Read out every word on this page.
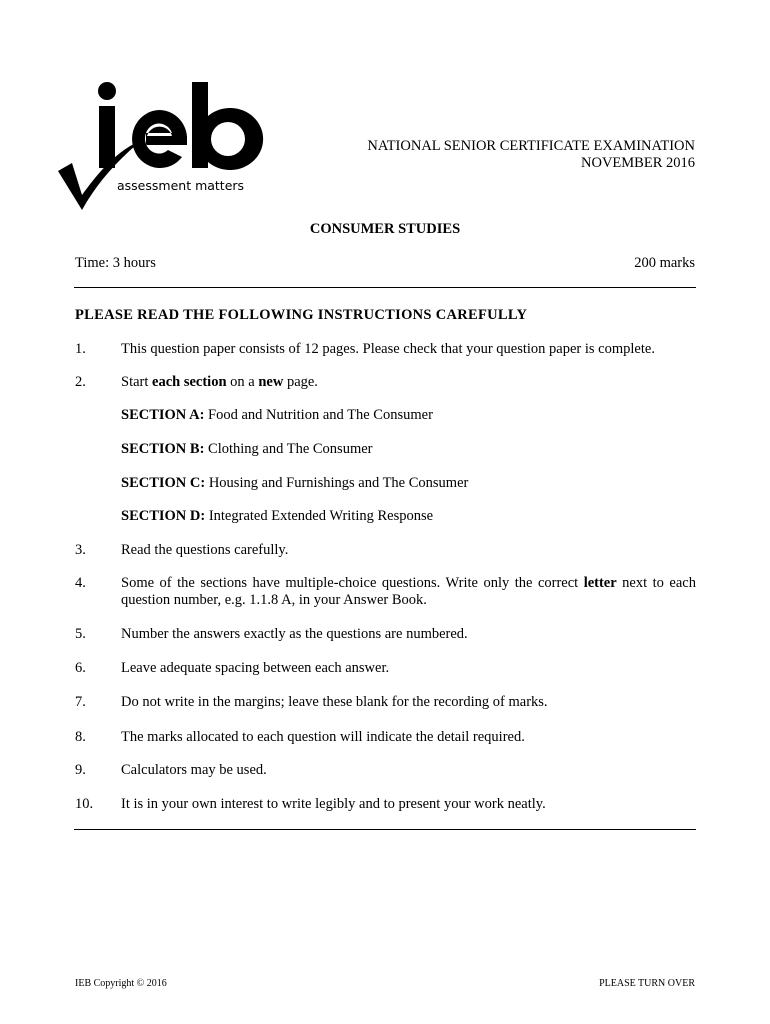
assessment matters
NATIONAL SENIOR CERTIFICATE EXAMINATION
NOVEMBER 2016
CONSUMER STUDIES
Time: 3 hours	200 marks
PLEASE READ THE FOLLOWING INSTRUCTIONS CAREFULLY
1. This question paper consists of 12 pages. Please check that your question paper is complete.
2. Start each section on a new page.
SECTION A: Food and Nutrition and The Consumer
SECTION B: Clothing and The Consumer
SECTION C: Housing and Furnishings and The Consumer
SECTION D: Integrated Extended Writing Response
3. Read the questions carefully.
4. Some of the sections have multiple-choice questions. Write only the correct letter next to each question number, e.g. 1.1.8 A, in your Answer Book.
5. Number the answers exactly as the questions are numbered.
6. Leave adequate spacing between each answer.
7. Do not write in the margins; leave these blank for the recording of marks.
8. The marks allocated to each question will indicate the detail required.
9. Calculators may be used.
10. It is in your own interest to write legibly and to present your work neatly.
IEB Copyright © 2016	PLEASE TURN OVER
